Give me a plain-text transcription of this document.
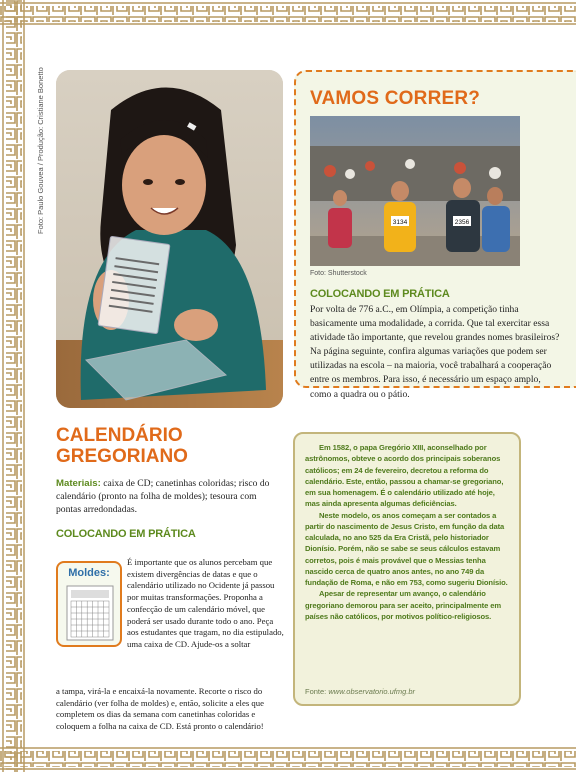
Foto: Paulo Gouvea / Produção: Cristiane Bonetto	VAMOS CORRER?
3134	2356
Foto: Shutterstock
COLOCANDO EM PRÁTICA

Por volta de 776 a.C., em Olímpia, a competição tinha basicamente uma modalidade, a corrida. Que tal exercitar essa atividade tão importante, que revelou grandes nomes brasileiros? Na página seguinte, confira algumas variações que podem ser utilizadas na escola – na maioria, você trabalhará a cooperação entre os membros. Para isso, é necessário um espaço amplo, como a quadra ou o pátio.

CALENDÁRIO
GREGORIANO
Materiais: caixa de CD; canetinhas coloridas; risco do calendário (pronto na folha de moldes); tesoura com pontas arredondadas.
COLOCANDO EM PRÁTICA
Moldes:
É importante que os alunos percebam que existem divergências de datas e que o calendário utilizado no Ocidente já passou por muitas transformações. Proponha a confecção de um calendário móvel, que poderá ser usado durante todo o ano. Peça aos estudantes que tragam, no dia estipulado, uma caixa de CD. Ajude-os a soltar
a tampa, virá-la e encaixá-la novamente. Recorte o risco do calendário (ver folha de moldes) e, então, solicite a eles que completem os dias da semana com canetinhas coloridas e coloquem a folha na caixa de CD. Está pronto o calendário!

Em 1582, o papa Gregório XIII, aconselhado por astrônomos, obteve o acordo dos principais soberanos católicos; em 24 de fevereiro, decretou a reforma do calendário. Este, então, passou a chamar-se gregoriano, em sua homenagem. É o calendário utilizado até hoje, mas ainda apresenta algumas deficiências.

Neste modelo, os anos começam a ser contados a partir do nascimento de Jesus Cristo, em função da data calculada, no ano 525 da Era Cristã, pelo historiador Dionísio. Porém, não se sabe se seus cálculos estavam corretos, pois é mais provável que o Messias tenha nascido cerca de quatro anos antes, no ano 749 da fundação de Roma, e não em 753, como sugeriu Dionísio.

Apesar de representar um avanço, o calendário gregoriano demorou para ser aceito, principalmente em países não católicos, por motivos político-religiosos.

Fonte: www.observatorio.ufmg.br
